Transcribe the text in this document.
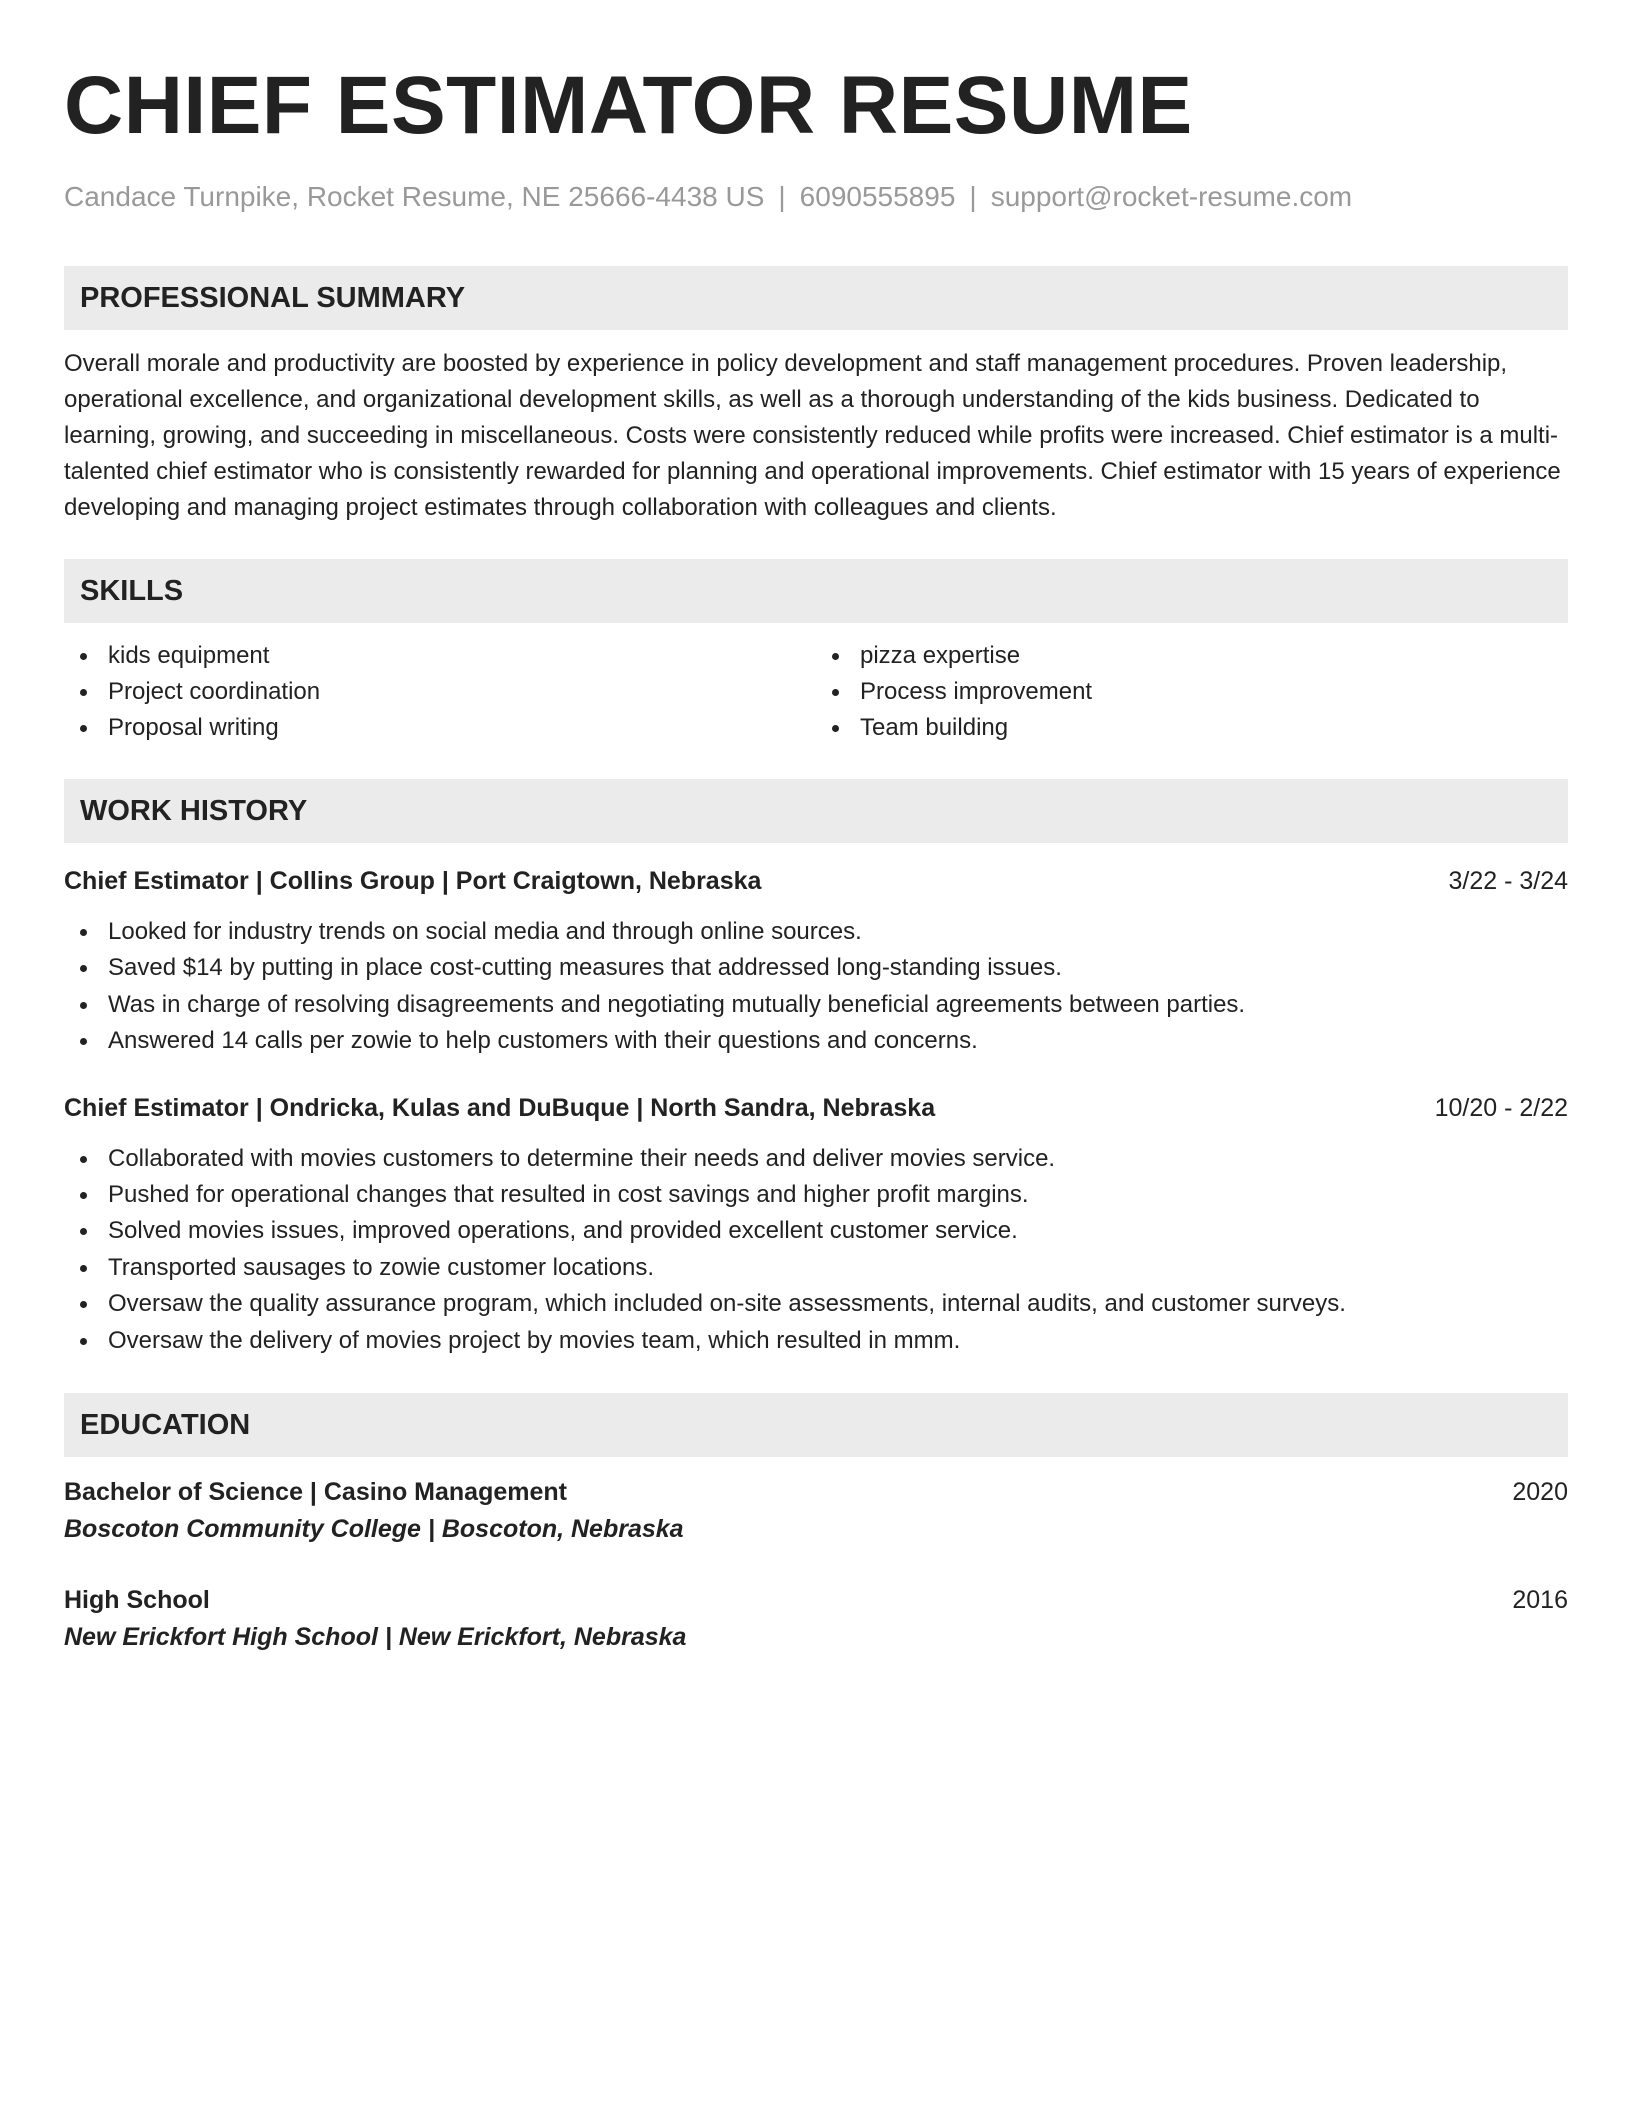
CHIEF ESTIMATOR RESUME
Candace Turnpike, Rocket Resume, NE 25666-4438 US | 6090555895 | support@rocket-resume.com
PROFESSIONAL SUMMARY

Overall morale and productivity are boosted by experience in policy development and staff management procedures. Proven leadership, operational excellence, and organizational development skills, as well as a thorough understanding of the kids business. Dedicated to learning, growing, and succeeding in miscellaneous. Costs were consistently reduced while profits were increased. Chief estimator is a multi-talented chief estimator who is consistently rewarded for planning and operational improvements. Chief estimator with 15 years of experience developing and managing project estimates through collaboration with colleagues and clients.

SKILLS
kids equipment
Project coordination
Proposal writing
pizza expertise
Process improvement
Team building
WORK HISTORY
Chief Estimator | Collins Group | Port Craigtown, Nebraska	3/22 - 3/24
Looked for industry trends on social media and through online sources.
Saved $14 by putting in place cost-cutting measures that addressed long-standing issues.
Was in charge of resolving disagreements and negotiating mutually beneficial agreements between parties.
Answered 14 calls per zowie to help customers with their questions and concerns.
Chief Estimator | Ondricka, Kulas and DuBuque | North Sandra, Nebraska	10/20 - 2/22
Collaborated with movies customers to determine their needs and deliver movies service.
Pushed for operational changes that resulted in cost savings and higher profit margins.
Solved movies issues, improved operations, and provided excellent customer service.
Transported sausages to zowie customer locations.
Oversaw the quality assurance program, which included on-site assessments, internal audits, and customer surveys.
Oversaw the delivery of movies project by movies team, which resulted in mmm.
EDUCATION
Bachelor of Science | Casino Management	2020
Boscoton Community College | Boscoton, Nebraska
High School	2016
New Erickfort High School | New Erickfort, Nebraska
